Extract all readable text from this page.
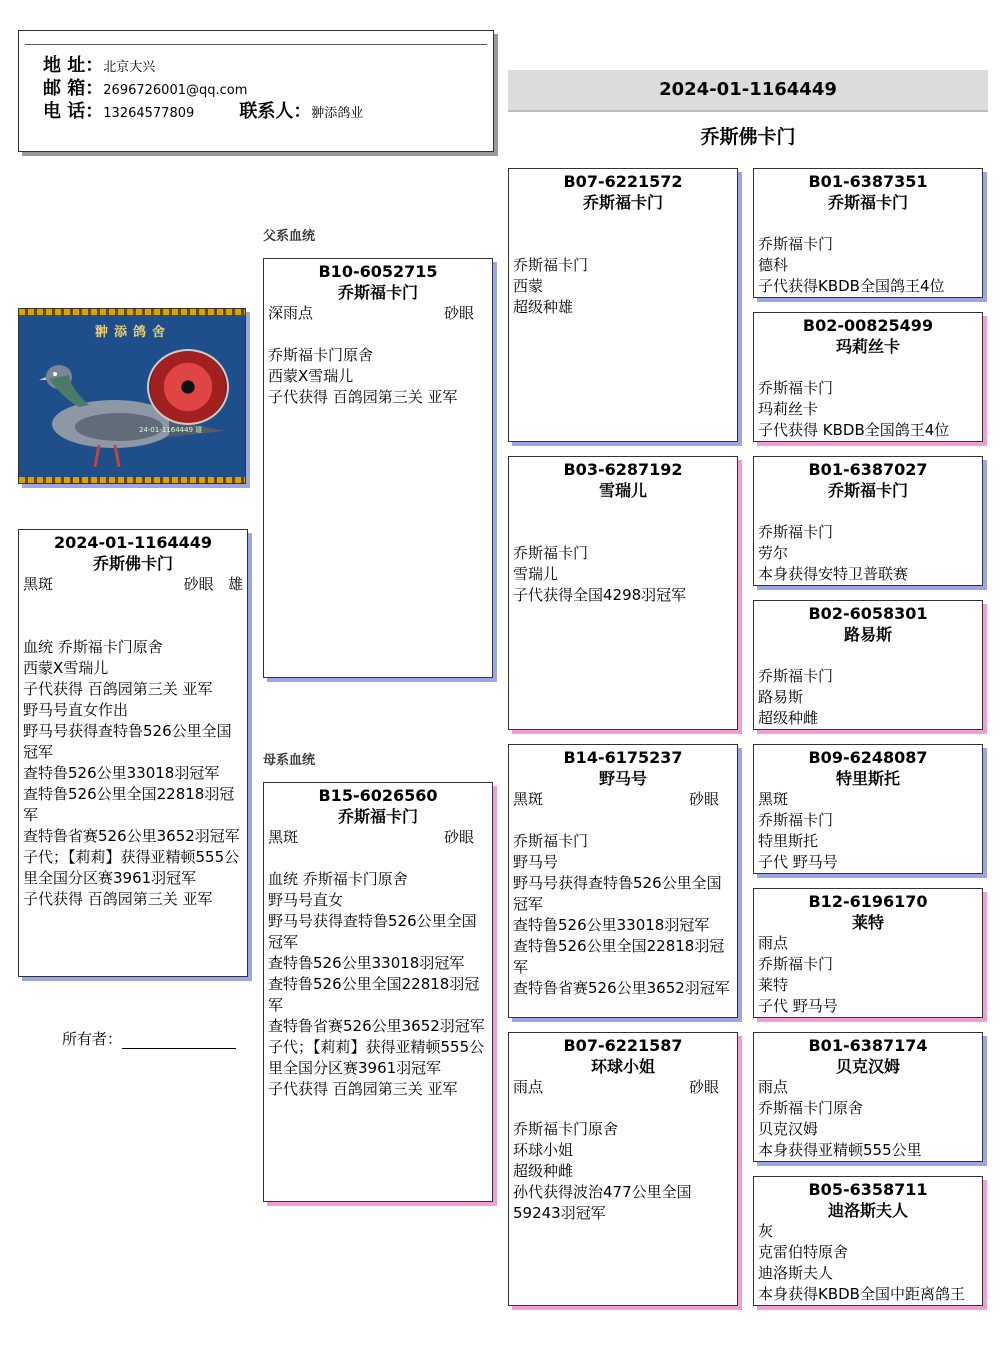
地 址：北京大兴
邮 箱：2696726001@qq.com
电 话：13264577809	联系人：翀添鸽业
2024-01-1164449
乔斯佛卡门
翀添鸽舍
24-01-1164449 雄
2024-01-1164449
乔斯佛卡门
黑斑	砂眼 雄
血统 乔斯福卡门原舍
西蒙X雪瑞儿
子代获得 百鸽园第三关 亚军
野马号直女作出
野马号获得查特鲁526公里全国冠军
查特鲁526公里33018羽冠军
查特鲁526公里全国22818羽冠军
查特鲁省赛526公里3652羽冠军
子代；【莉莉】获得亚精顿555公里全国分区赛3961羽冠军
子代获得 百鸽园第三关 亚军
所有者：
父系血统
母系血统
B10-6052715
乔斯福卡门
深雨点	砂眼
乔斯福卡门原舍
西蒙X雪瑞儿
子代获得 百鸽园第三关 亚军
B15-6026560
乔斯福卡门
黑斑	砂眼
血统 乔斯福卡门原舍
野马号直女
野马号获得查特鲁526公里全国冠军
查特鲁526公里33018羽冠军
查特鲁526公里全国22818羽冠军
查特鲁省赛526公里3652羽冠军
子代；【莉莉】获得亚精顿555公里全国分区赛3961羽冠军
子代获得 百鸽园第三关 亚军
B07-6221572
乔斯福卡门
乔斯福卡门
西蒙
超级种雄
B03-6287192
雪瑞儿
乔斯福卡门
雪瑞儿
子代获得全国4298羽冠军
B14-6175237
野马号
黑斑	砂眼
乔斯福卡门
野马号
野马号获得查特鲁526公里全国冠军
查特鲁526公里33018羽冠军
查特鲁526公里全国22818羽冠军
查特鲁省赛526公里3652羽冠军
B07-6221587
环球小姐
雨点	砂眼
乔斯福卡门原舍
环球小姐
超级种雌
孙代获得波治477公里全国59243羽冠军
B01-6387351
乔斯福卡门
乔斯福卡门
德科
子代获得KBDB全国鸽王4位
B02-00825499
玛莉丝卡
乔斯福卡门
玛莉丝卡
子代获得 KBDB全国鸽王4位
B01-6387027
乔斯福卡门
乔斯福卡门
劳尔
本身获得安特卫普联赛
B02-6058301
路易斯
乔斯福卡门
路易斯
超级种雌
B09-6248087
特里斯托
黑斑
乔斯福卡门
特里斯托
子代 野马号
B12-6196170
莱特
雨点
乔斯福卡门
莱特
子代 野马号
B01-6387174
贝克汉姆
雨点
乔斯福卡门原舍
贝克汉姆
本身获得亚精顿555公里
B05-6358711
迪洛斯夫人
灰
克雷伯特原舍
迪洛斯夫人
本身获得KBDB全国中距离鸽王
